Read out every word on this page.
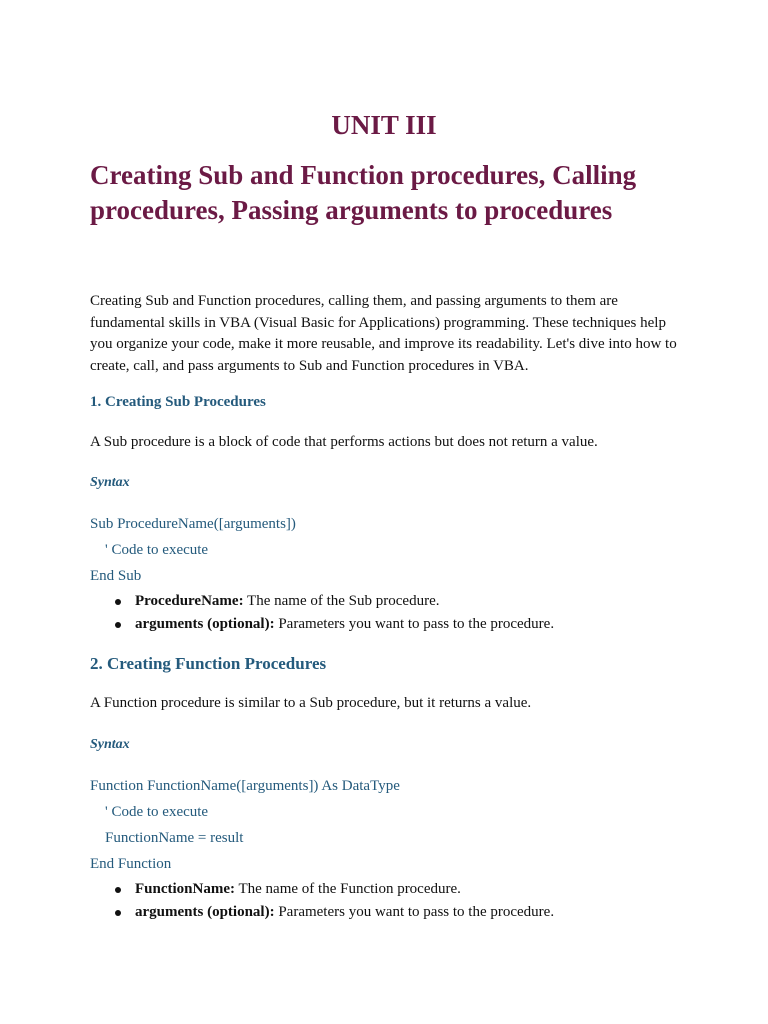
UNIT III
Creating Sub and Function procedures, Calling procedures, Passing arguments to procedures

Creating Sub and Function procedures, calling them, and passing arguments to them are fundamental skills in VBA (Visual Basic for Applications) programming. These techniques help you organize your code, make it more reusable, and improve its readability. Let's dive into how to create, call, and pass arguments to Sub and Function procedures in VBA.

1. Creating Sub Procedures

A Sub procedure is a block of code that performs actions but does not return a value.

Syntax

Sub ProcedureName([arguments])

' Code to execute

End Sub

ProcedureName: The name of the Sub procedure.
arguments (optional): Parameters you want to pass to the procedure.
2. Creating Function Procedures

A Function procedure is similar to a Sub procedure, but it returns a value.

Syntax

Function FunctionName([arguments]) As DataType

' Code to execute

FunctionName = result

End Function

FunctionName: The name of the Function procedure.
arguments (optional): Parameters you want to pass to the procedure.
